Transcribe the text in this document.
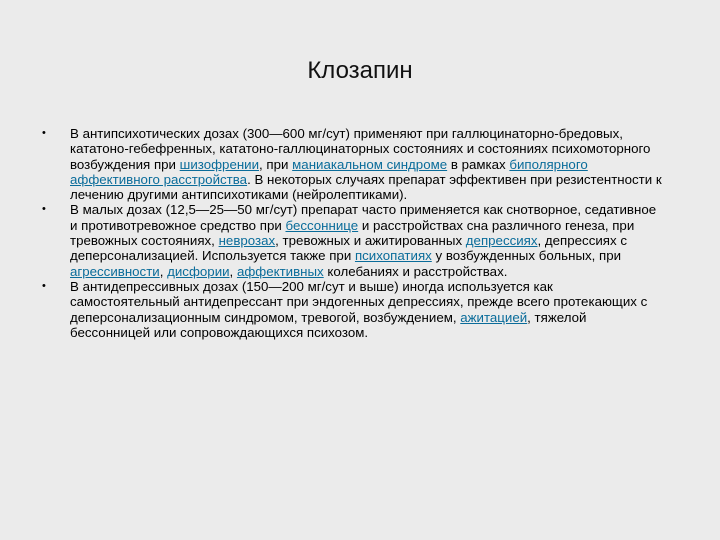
Клозапин
• В антипсихотических дозах (300—600 мг/сут) применяют при галлюцинаторно-бредовых, кататоно-гебефренных, кататоно-галлюцинаторных состояниях и состояниях психомоторного возбуждения при шизофрении, при маниакальном синдроме в рамках биполярного аффективного расстройства. В некоторых случаях препарат эффективен при резистентности к лечению другими антипсихотиками (нейролептиками).
• В малых дозах (12,5—25—50 мг/сут) препарат часто применяется как снотворное, седативное и противотревожное средство при бессоннице и расстройствах сна различного генеза, при тревожных состояниях, неврозах, тревожных и ажитированных депрессиях, депрессиях с деперсонализацией. Используется также при психопатиях у возбужденных больных, при агрессивности, дисфории, аффективных колебаниях и расстройствах.
• В антидепрессивных дозах (150—200 мг/сут и выше) иногда используется как самостоятельный антидепрессант при эндогенных депрессиях, прежде всего протекающих с деперсонализационным синдромом, тревогой, возбуждением, ажитацией, тяжелой бессонницей или сопровождающихся психозом.
